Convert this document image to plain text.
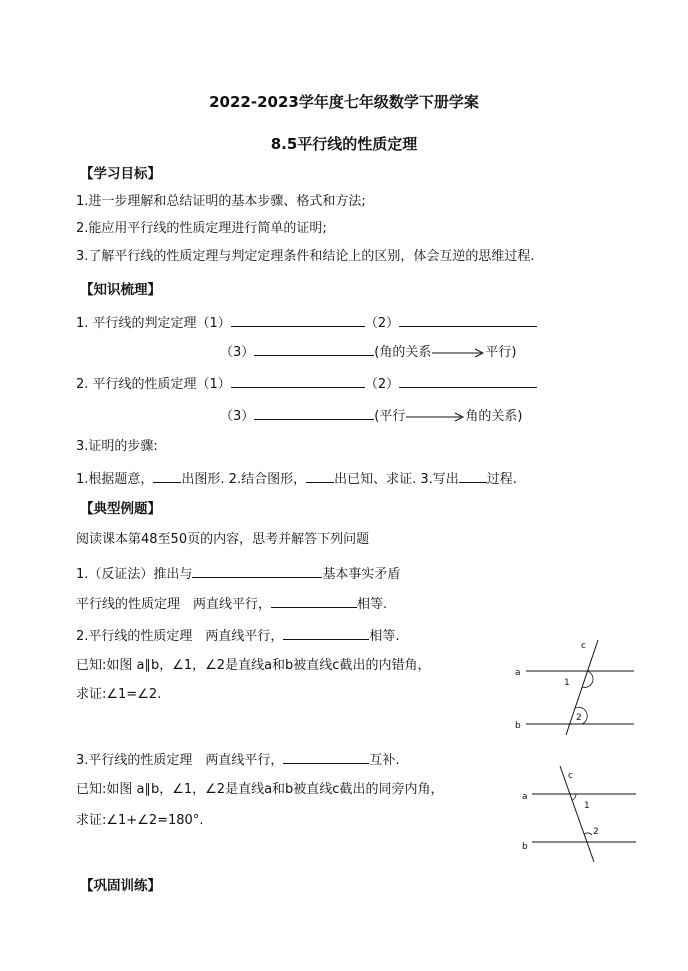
2022-2023学年度七年级数学下册学案
8.5平行线的性质定理
【学习目标】
1.进一步理解和总结证明的基本步骤、格式和方法;
2.能应用平行线的性质定理进行简单的证明;
3.了解平行线的性质定理与判定定理条件和结论上的区别，体会互逆的思维过程.
【知识梳理】
1. 平行线的判定定理（1）	（2）
（3）	(角的关系	平行)
2. 平行线的性质定理（1）	（2）
（3）	(平行	角的关系)
3.证明的步骤:
1.根据题意， 出图形. 2.结合图形， 出已知、求证. 3.写出 过程.
【典型例题】
阅读课本第48至50页的内容，思考并解答下列问题
1.（反证法）推出与	基本事实矛盾
平行线的性质定理　两直线平行，	相等.
2.平行线的性质定理　两直线平行，	相等.
已知:如图 a∥b，∠1，∠2是直线a和b被直线c截出的内错角，
求证:∠1=∠2.
a
b
c
1
2
3.平行线的性质定理　两直线平行，	互补.
已知:如图 a∥b，∠1，∠2是直线a和b被直线c截出的同旁内角，
求证:∠1+∠2=180°.
a
b
c
1
2
【巩固训练】
